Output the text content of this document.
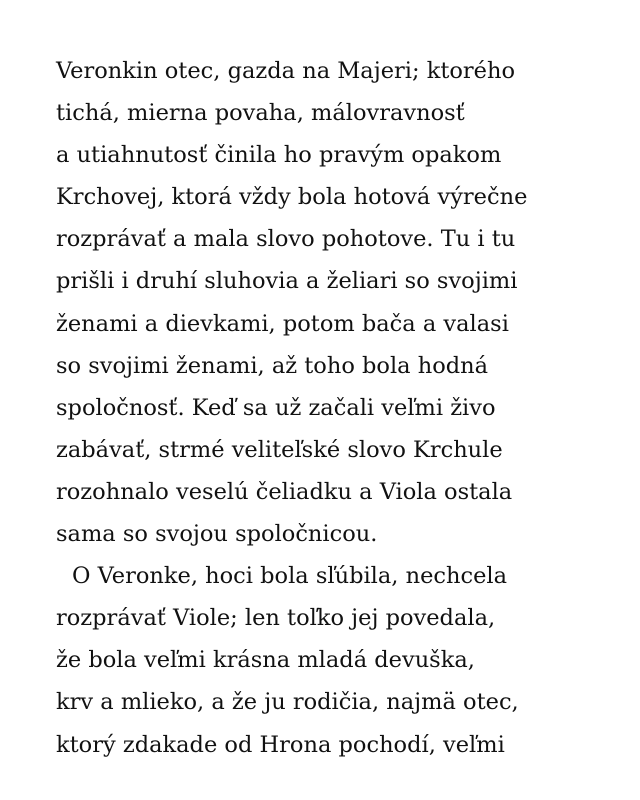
Veronkin otec, gazda na Majeri; ktorého
tichá, mierna povaha, málovravnosť
a utiahnutosť činila ho pravým opakom
Krchovej, ktorá vždy bola hotová výrečne
rozprávať a mala slovo pohotove. Tu i tu
prišli i druhí sluhovia a želiari so svojimi
ženami a dievkami, potom bača a valasi
so svojimi ženami, až toho bola hodná
spoločnosť. Keď sa už začali veľmi živo
zabávať, strmé veliteľské slovo Krchule
rozohnalo veselú čeliadku a Viola ostala
sama so svojou spoločnicou.
O Veronke, hoci bola sľúbila, nechcela
rozprávať Viole; len toľko jej povedala,
že bola veľmi krásna mladá devuška,
krv a mlieko, a že ju rodičia, najmä otec,
ktorý zdakade od Hrona pochodí, veľmi
